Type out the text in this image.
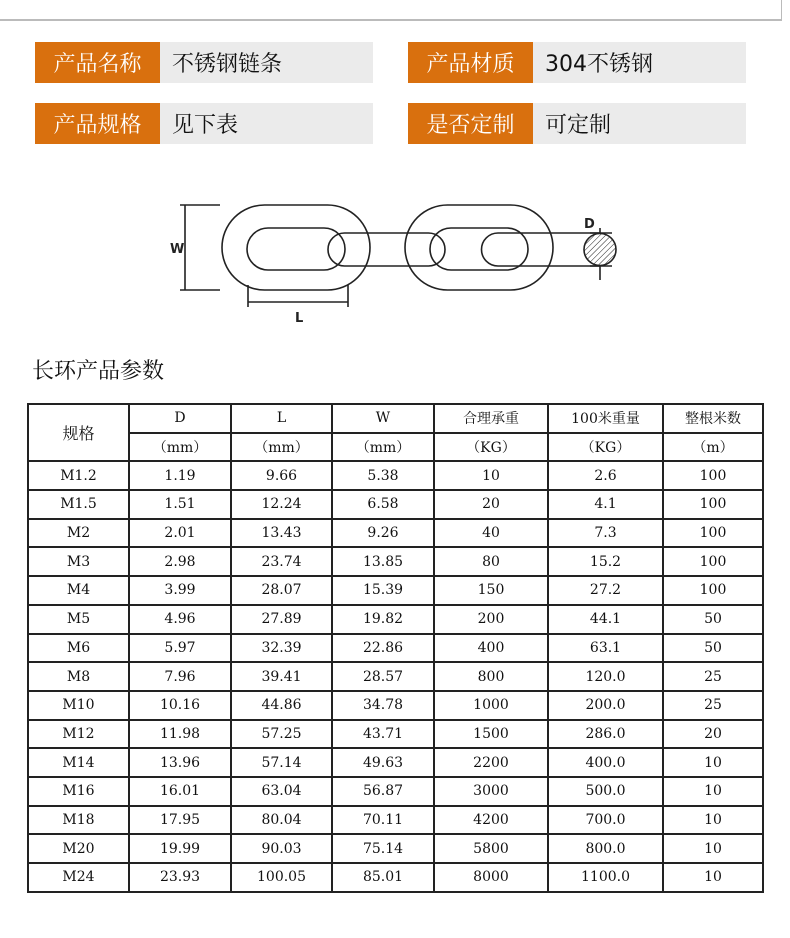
产品名称	不锈钢链条	产品材质	304不锈钢
产品规格	见下表	是否定制	可定制
W
L
D
长环产品参数
规格	D	L	W	合理承重	100米重量	整根米数
	（mm）	（mm）	（mm）	（KG）	（KG）	（m）
M1.2	1.19	9.66	5.38	10	2.6	100
M1.5	1.51	12.24	6.58	20	4.1	100
M2	2.01	13.43	9.26	40	7.3	100
M3	2.98	23.74	13.85	80	15.2	100
M4	3.99	28.07	15.39	150	27.2	100
M5	4.96	27.89	19.82	200	44.1	50
M6	5.97	32.39	22.86	400	63.1	50
M8	7.96	39.41	28.57	800	120.0	25
M10	10.16	44.86	34.78	1000	200.0	25
M12	11.98	57.25	43.71	1500	286.0	20
M14	13.96	57.14	49.63	2200	400.0	10
M16	16.01	63.04	56.87	3000	500.0	10
M18	17.95	80.04	70.11	4200	700.0	10
M20	19.99	90.03	75.14	5800	800.0	10
M24	23.93	100.05	85.01	8000	1100.0	10
